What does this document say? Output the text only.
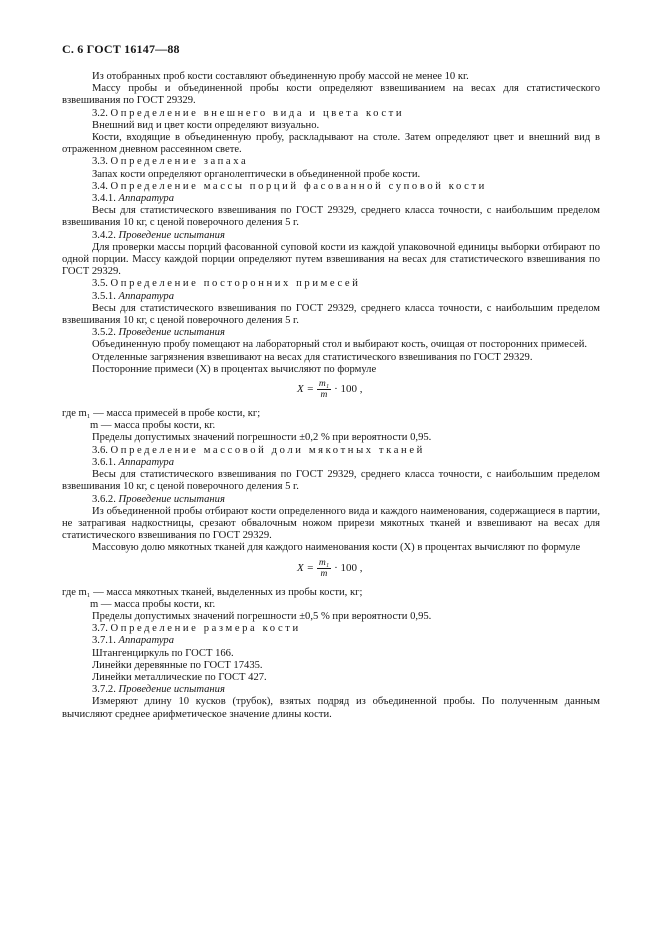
С. 6 ГОСТ 16147—88

Из отобранных проб кости составляют объединенную пробу массой не менее 10 кг.

Массу пробы и объединенной пробы кости определяют взвешиванием на весах для статистического взвешивания по ГОСТ 29329.

3.2. Определение внешнего вида и цвета кости

Внешний вид и цвет кости определяют визуально.

Кости, входящие в объединенную пробу, раскладывают на столе. Затем определяют цвет и внешний вид в отраженном дневном рассеянном свете.

3.3. Определение запаха

Запах кости определяют органолептически в объединенной пробе кости.

3.4. Определение массы порций фасованной суповой кости

3.4.1. Аппаратура

Весы для статистического взвешивания по ГОСТ 29329, среднего класса точности, с наибольшим пределом взвешивания 10 кг, с ценой поверочного деления 5 г.

3.4.2. Проведение испытания

Для проверки массы порций фасованной суповой кости из каждой упаковочной единицы выборки отбирают по одной порции. Массу каждой порции определяют путем взвешивания на весах для статистического взвешивания по ГОСТ 29329.

3.5. Определение посторонних примесей

3.5.1. Аппаратура

Весы для статистического взвешивания по ГОСТ 29329, среднего класса точности, с наибольшим пределом взвешивания 10 кг, с ценой поверочного деления 5 г.

3.5.2. Проведение испытания

Объединенную пробу помещают на лабораторный стол и выбирают кость, очищая от посторонних примесей.

Отделенные загрязнения взвешивают на весах для статистического взвешивания по ГОСТ 29329.

Посторонние примеси (X) в процентах вычисляют по формуле

$X = \frac{\text{m₁}}{m} \cdot 100$ ,

где m₁ — масса примесей в пробе кости, кг;

m — масса пробы кости, кг.

Пределы допустимых значений погрешности ±0,2 % при вероятности 0,95.

3.6. Определение массовой доли мякотных тканей

3.6.1. Аппаратура

Весы для статистического взвешивания по ГОСТ 29329, среднего класса точности, с наибольшим пределом взвешивания 10 кг, с ценой поверочного деления 5 г.

3.6.2. Проведение испытания

Из объединенной пробы отбирают кости определенного вида и каждого наименования, содержащиеся в партии, не затрагивая надкостницы, срезают обвалочным ножом прирези мякотных тканей и взвешивают на весах для статистического взвешивания по ГОСТ 29329.

Массовую долю мякотных тканей для каждого наименования кости (X) в процентах вычисляют по формуле

$X = \frac{\text{m₁}}{m} \cdot 100$ ,

где m₁ — масса мякотных тканей, выделенных из пробы кости, кг;

m — масса пробы кости, кг.

Пределы допустимых значений погрешности ±0,5 % при вероятности 0,95.

3.7. Определение размера кости

3.7.1. Аппаратура

Штангенциркуль по ГОСТ 166.

Линейки деревянные по ГОСТ 17435.

Линейки металлические по ГОСТ 427.

3.7.2. Проведение испытания

Измеряют длину 10 кусков (трубок), взятых подряд из объединенной пробы. По полученным данным вычисляют среднее арифметическое значение длины кости.
